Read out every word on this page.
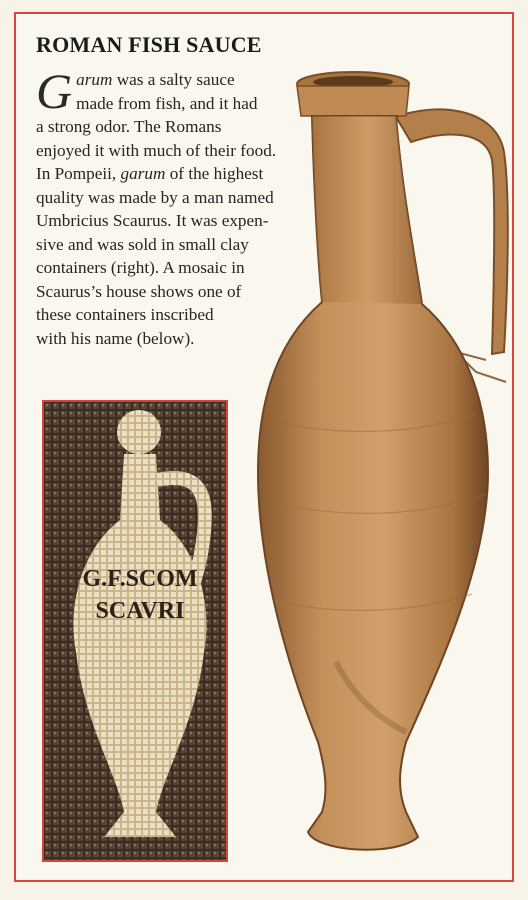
ROMAN FISH SAUCE
G arum was a salty sauce
made from fish, and it had
a strong odor. The Romans
enjoyed it with much of their food.
In Pompeii, garum of the highest
quality was made by a man named
Umbricius Scaurus. It was expen-
sive and was sold in small clay
containers (right). A mosaic in
Scaurus’s house shows one of
these containers inscribed
with his name (below).
G.F.SCOM
SCAVRI
